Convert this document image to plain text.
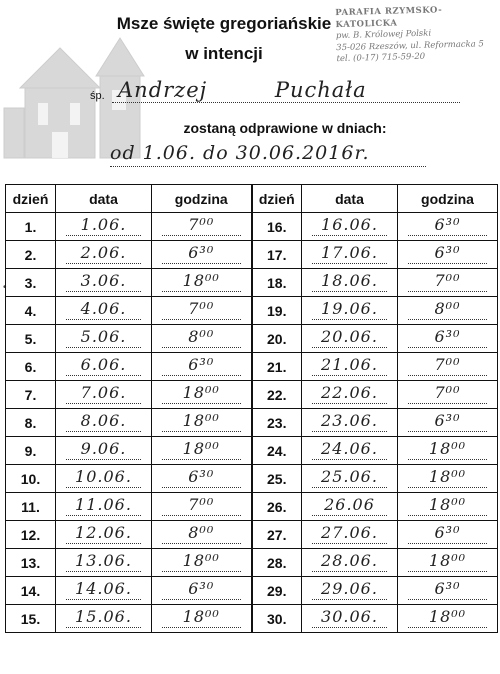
Msze święte gregoriańskie
w intencji
PARAFIA RZYMSKO-KATOLICKA
pw. B. Królowej Polski
35-026 Rzeszów, ul. Reformacka 5
tel. (0-17) 715-59-20
śp. Andrzej Puchała
zostaną odprawione w dniach:
od 1.06. do 30.06.2016r.
•
dzień	data	godzina	dzień	data	godzina
1.	1.06.	7⁰⁰	16.	16.06.	6³⁰

2.	2.06.	6³⁰	17.	17.06.	6³⁰

3.	3.06.	18⁰⁰	18.	18.06.	7⁰⁰

4.	4.06.	7⁰⁰	19.	19.06.	8⁰⁰

5.	5.06.	8⁰⁰	20.	20.06.	6³⁰

6.	6.06.	6³⁰	21.	21.06.	7⁰⁰

7.	7.06.	18⁰⁰	22.	22.06.	7⁰⁰

8.	8.06.	18⁰⁰	23.	23.06.	6³⁰

9.	9.06.	18⁰⁰	24.	24.06.	18⁰⁰

10.	10.06.	6³⁰	25.	25.06.	18⁰⁰

11.	11.06.	7⁰⁰	26.	26.06	18⁰⁰

12.	12.06.	8⁰⁰	27.	27.06.	6³⁰

13.	13.06.	18⁰⁰	28.	28.06.	18⁰⁰

14.	14.06.	6³⁰	29.	29.06.	6³⁰

15.	15.06.	18⁰⁰	30.	30.06.	18⁰⁰
